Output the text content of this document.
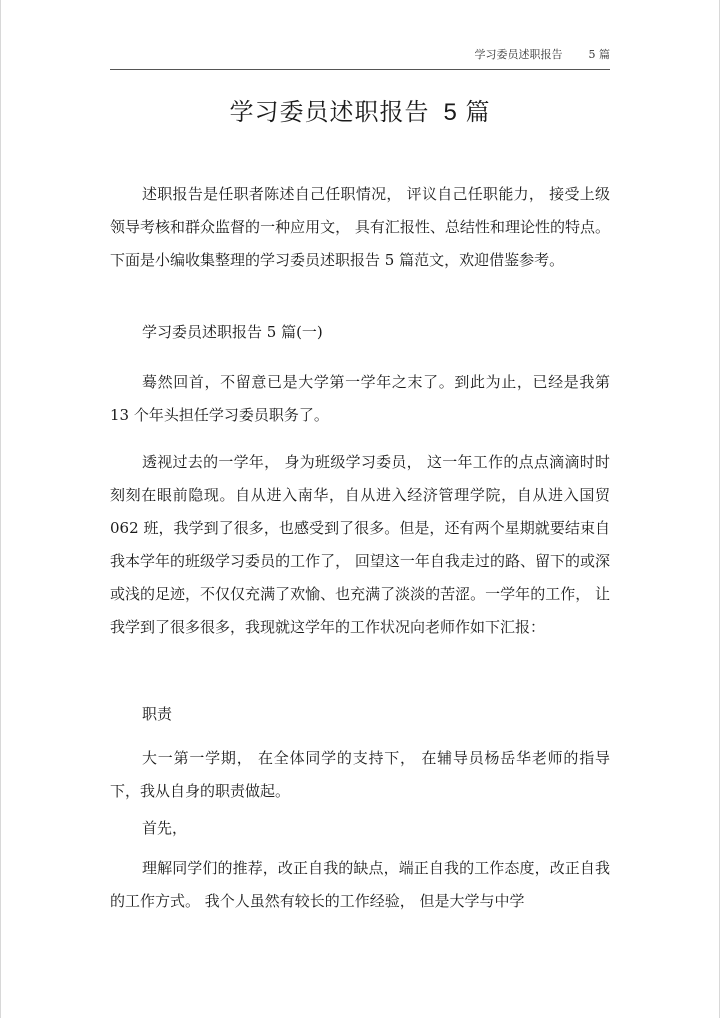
学习委员述职报告 5 篇
学习委员述职报告 5 篇

述职报告是任职者陈述自己任职情况， 评议自己任职能力， 接受上级领导考核和群众监督的一种应用文， 具有汇报性、总结性和理论性的特点。下面是小编收集整理的学习委员述职报告 5 篇范文，欢迎借鉴参考。

学习委员述职报告 5 篇(一)

蓦然回首，不留意已是大学第一学年之末了。到此为止，已经是我第 13 个年头担任学习委员职务了。

透视过去的一学年， 身为班级学习委员， 这一年工作的点点滴滴时时刻刻在眼前隐现。自从进入南华，自从进入经济管理学院，自从进入国贸 062 班，我学到了很多，也感受到了很多。但是，还有两个星期就要结束自我本学年的班级学习委员的工作了， 回望这一年自我走过的路、留下的或深或浅的足迹，不仅仅充满了欢愉、也充满了淡淡的苦涩。一学年的工作， 让我学到了很多很多，我现就这学年的工作状况向老师作如下汇报：

职责

大一第一学期， 在全体同学的支持下， 在辅导员杨岳华老师的指导下，我从自身的职责做起。

首先，

理解同学们的推荐，改正自我的缺点，端正自我的工作态度，改正自我的工作方式。 我个人虽然有较长的工作经验， 但是大学与中学
